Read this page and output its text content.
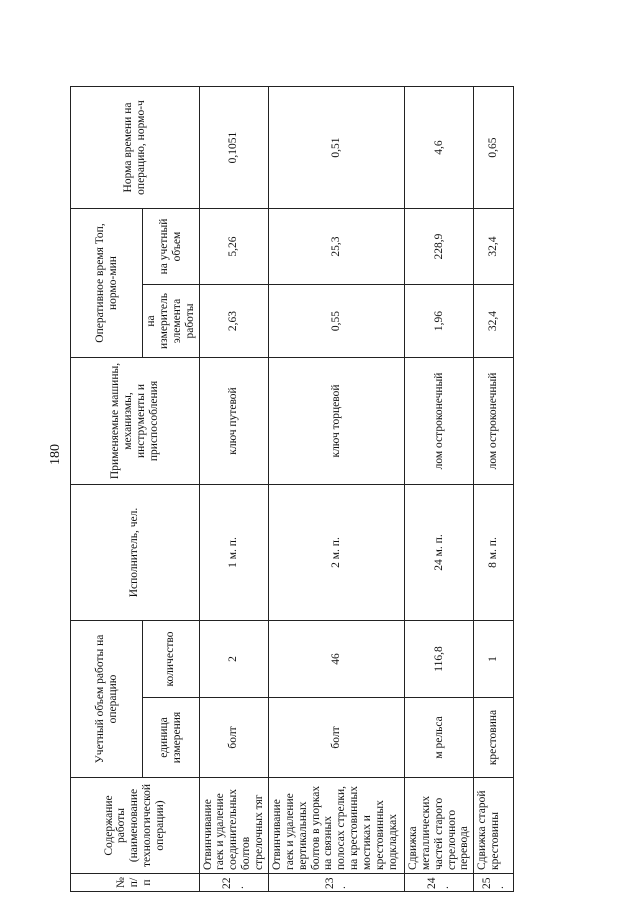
180
№ п/п	Содержание работы (наименование технологической операции)	Учетный объем работы на операцию		Исполнитель, чел.	Применяемые машины, механизмы, инструменты и приспособления	Оперативное время Топ, нормо-мин		Норма времени на операцию, нормо-ч
		единица измерения	количество			на измеритель элемента работы	на учетный объем	
22.	Отвинчивание гаек и удаление соединительных болтов стрелочных тяг	болт	2	1 м. п.	ключ путевой	2,63	5,26	0,1051
23.	Отвинчивание гаек и удаление вертикальных болтов в упорках на связных полосах стрелки, на крестовинных мостиках и крестовинных подкладках	болт	46	2 м. п.	ключ торцевой	0,55	25,3	0,51
24.	Сдвижка металлических частей старого стрелочного перевода	м рельса	116,8	24 м. п.	лом остроконечный	1,96	228,9	4,6
25.	Сдвижка старой крестовины	крестовина	1	8 м. п.	лом остроконечный	32,4	32,4	0,65
